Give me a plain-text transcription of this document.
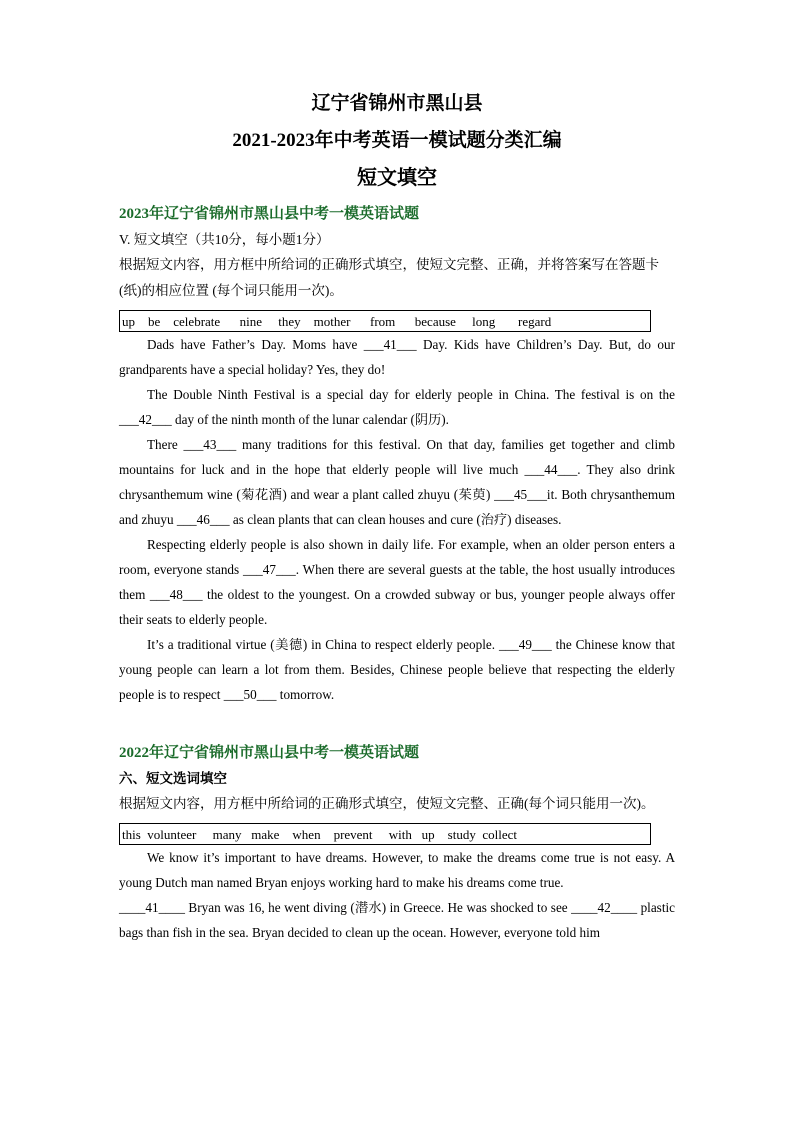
辽宁省锦州市黑山县

2021-2023年中考英语一模试题分类汇编

短文填空

2023年辽宁省锦州市黑山县中考一模英语试题

V. 短文填空（共10分，每小题1分）

根据短文内容，用方框中所给词的正确形式填空，使短文完整、正确，并将答案写在答题卡(纸)的相应位置 (每个词只能用一次)。

up    be    celebrate      nine     they    mother      from      because     long       regard

Dads have Father’s Day. Moms have ___41___ Day. Kids have Children’s Day. But, do our grandparents have a special holiday? Yes, they do!

The Double Ninth Festival is a special day for elderly people in China. The festival is on the ___42___ day of the ninth month of the lunar calendar (阴历).

There ___43___ many traditions for this festival. On that day, families get together and climb mountains for luck and in the hope that elderly people will live much ___44___. They also drink chrysanthemum wine (菊花酒) and wear a plant called zhuyu (茱萸) ___45___it. Both chrysanthemum and zhuyu ___46___ as clean plants that can clean houses and cure (治疗) diseases.

Respecting elderly people is also shown in daily life. For example, when an older person enters a room, everyone stands ___47___. When there are several guests at the table, the host usually introduces them ___48___ the oldest to the youngest. On a crowded subway or bus, younger people always offer their seats to elderly people.

It’s a traditional virtue (美德) in China to respect elderly people. ___49___ the Chinese know that young people can learn a lot from them. Besides, Chinese people believe that respecting the elderly people is to respect ___50___ tomorrow.

2022年辽宁省锦州市黑山县中考一模英语试题

六、短文选词填空

根据短文内容，用方框中所给词的正确形式填空，使短文完整、正确(每个词只能用一次)。

this  volunteer     many   make    when    prevent     with   up    study  collect

We know it’s important to have dreams. However, to make the dreams come true is not easy. A young Dutch man named Bryan enjoys working hard to make his dreams come true.

____41____ Bryan was 16, he went diving (潜水) in Greece. He was shocked to see ____42____ plastic bags than fish in the sea. Bryan decided to clean up the ocean. However, everyone told him
